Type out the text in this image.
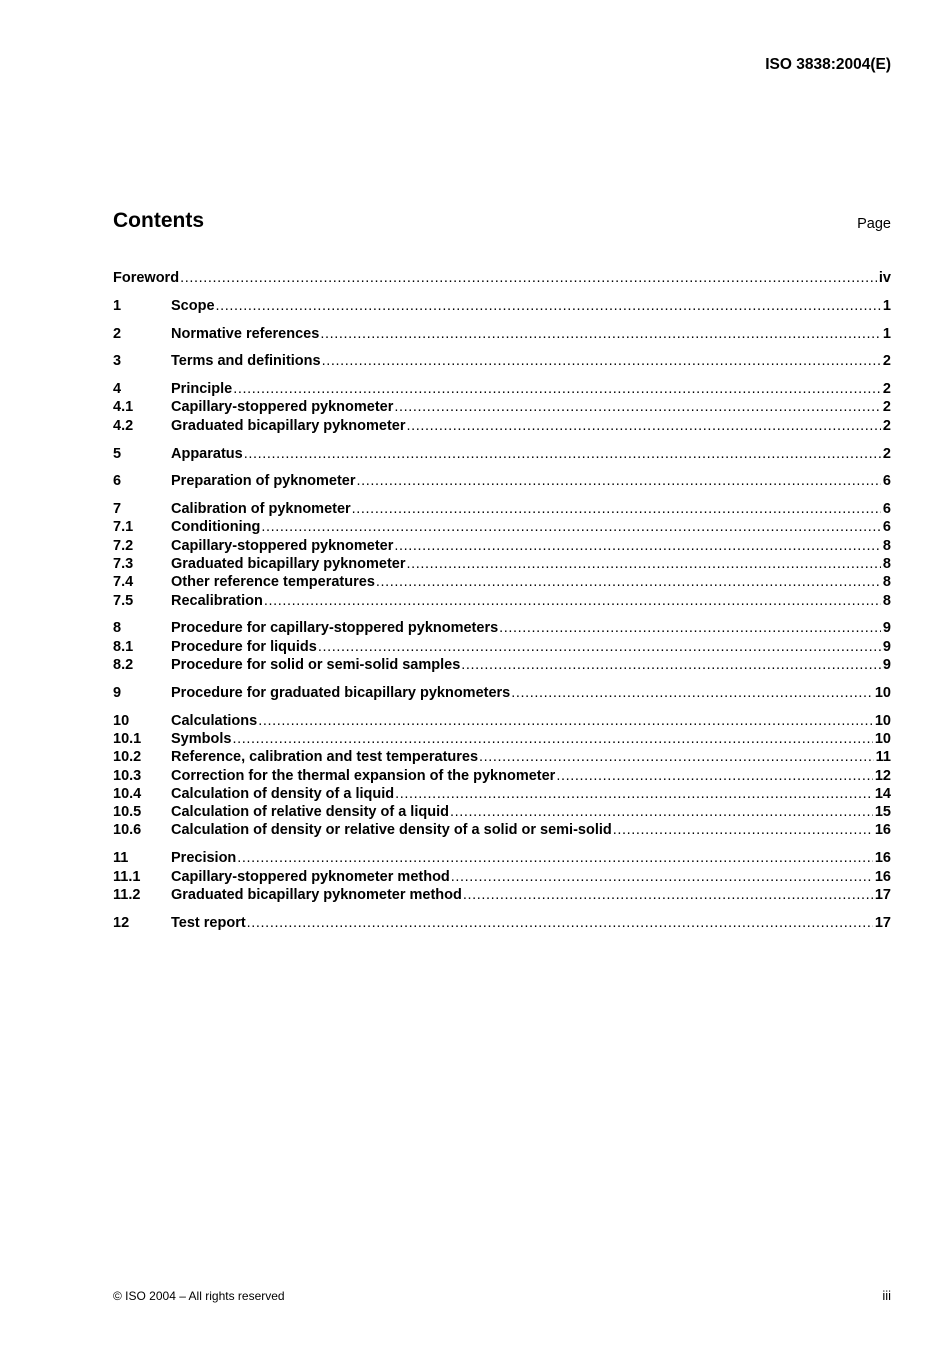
ISO 3838:2004(E)
Contents	Page
Foreword .....	iv
1	Scope .....	1
2	Normative references .....	1
3	Terms and definitions .....	2
4	Principle .....	2
4.1	Capillary-stoppered pyknometer .....	2
4.2	Graduated bicapillary pyknometer .....	2
5	Apparatus .....	2
6	Preparation of pyknometer .....	6
7	Calibration of pyknometer .....	6
7.1	Conditioning .....	6
7.2	Capillary-stoppered pyknometer .....	8
7.3	Graduated bicapillary pyknometer .....	8
7.4	Other reference temperatures .....	8
7.5	Recalibration .....	8
8	Procedure for capillary-stoppered pyknometers .....	9
8.1	Procedure for liquids .....	9
8.2	Procedure for solid or semi-solid samples .....	9
9	Procedure for graduated bicapillary pyknometers .....	10
10	Calculations .....	10
10.1	Symbols .....	10
10.2	Reference, calibration and test temperatures .....	11
10.3	Correction for the thermal expansion of the pyknometer .....	12
10.4	Calculation of density of a liquid .....	14
10.5	Calculation of relative density of a liquid .....	15
10.6	Calculation of density or relative density of a solid or semi-solid .....	16
11	Precision .....	16
11.1	Capillary-stoppered pyknometer method .....	16
11.2	Graduated bicapillary pyknometer method .....	17
12	Test report .....	17
© ISO 2004 – All rights reserved	iii
